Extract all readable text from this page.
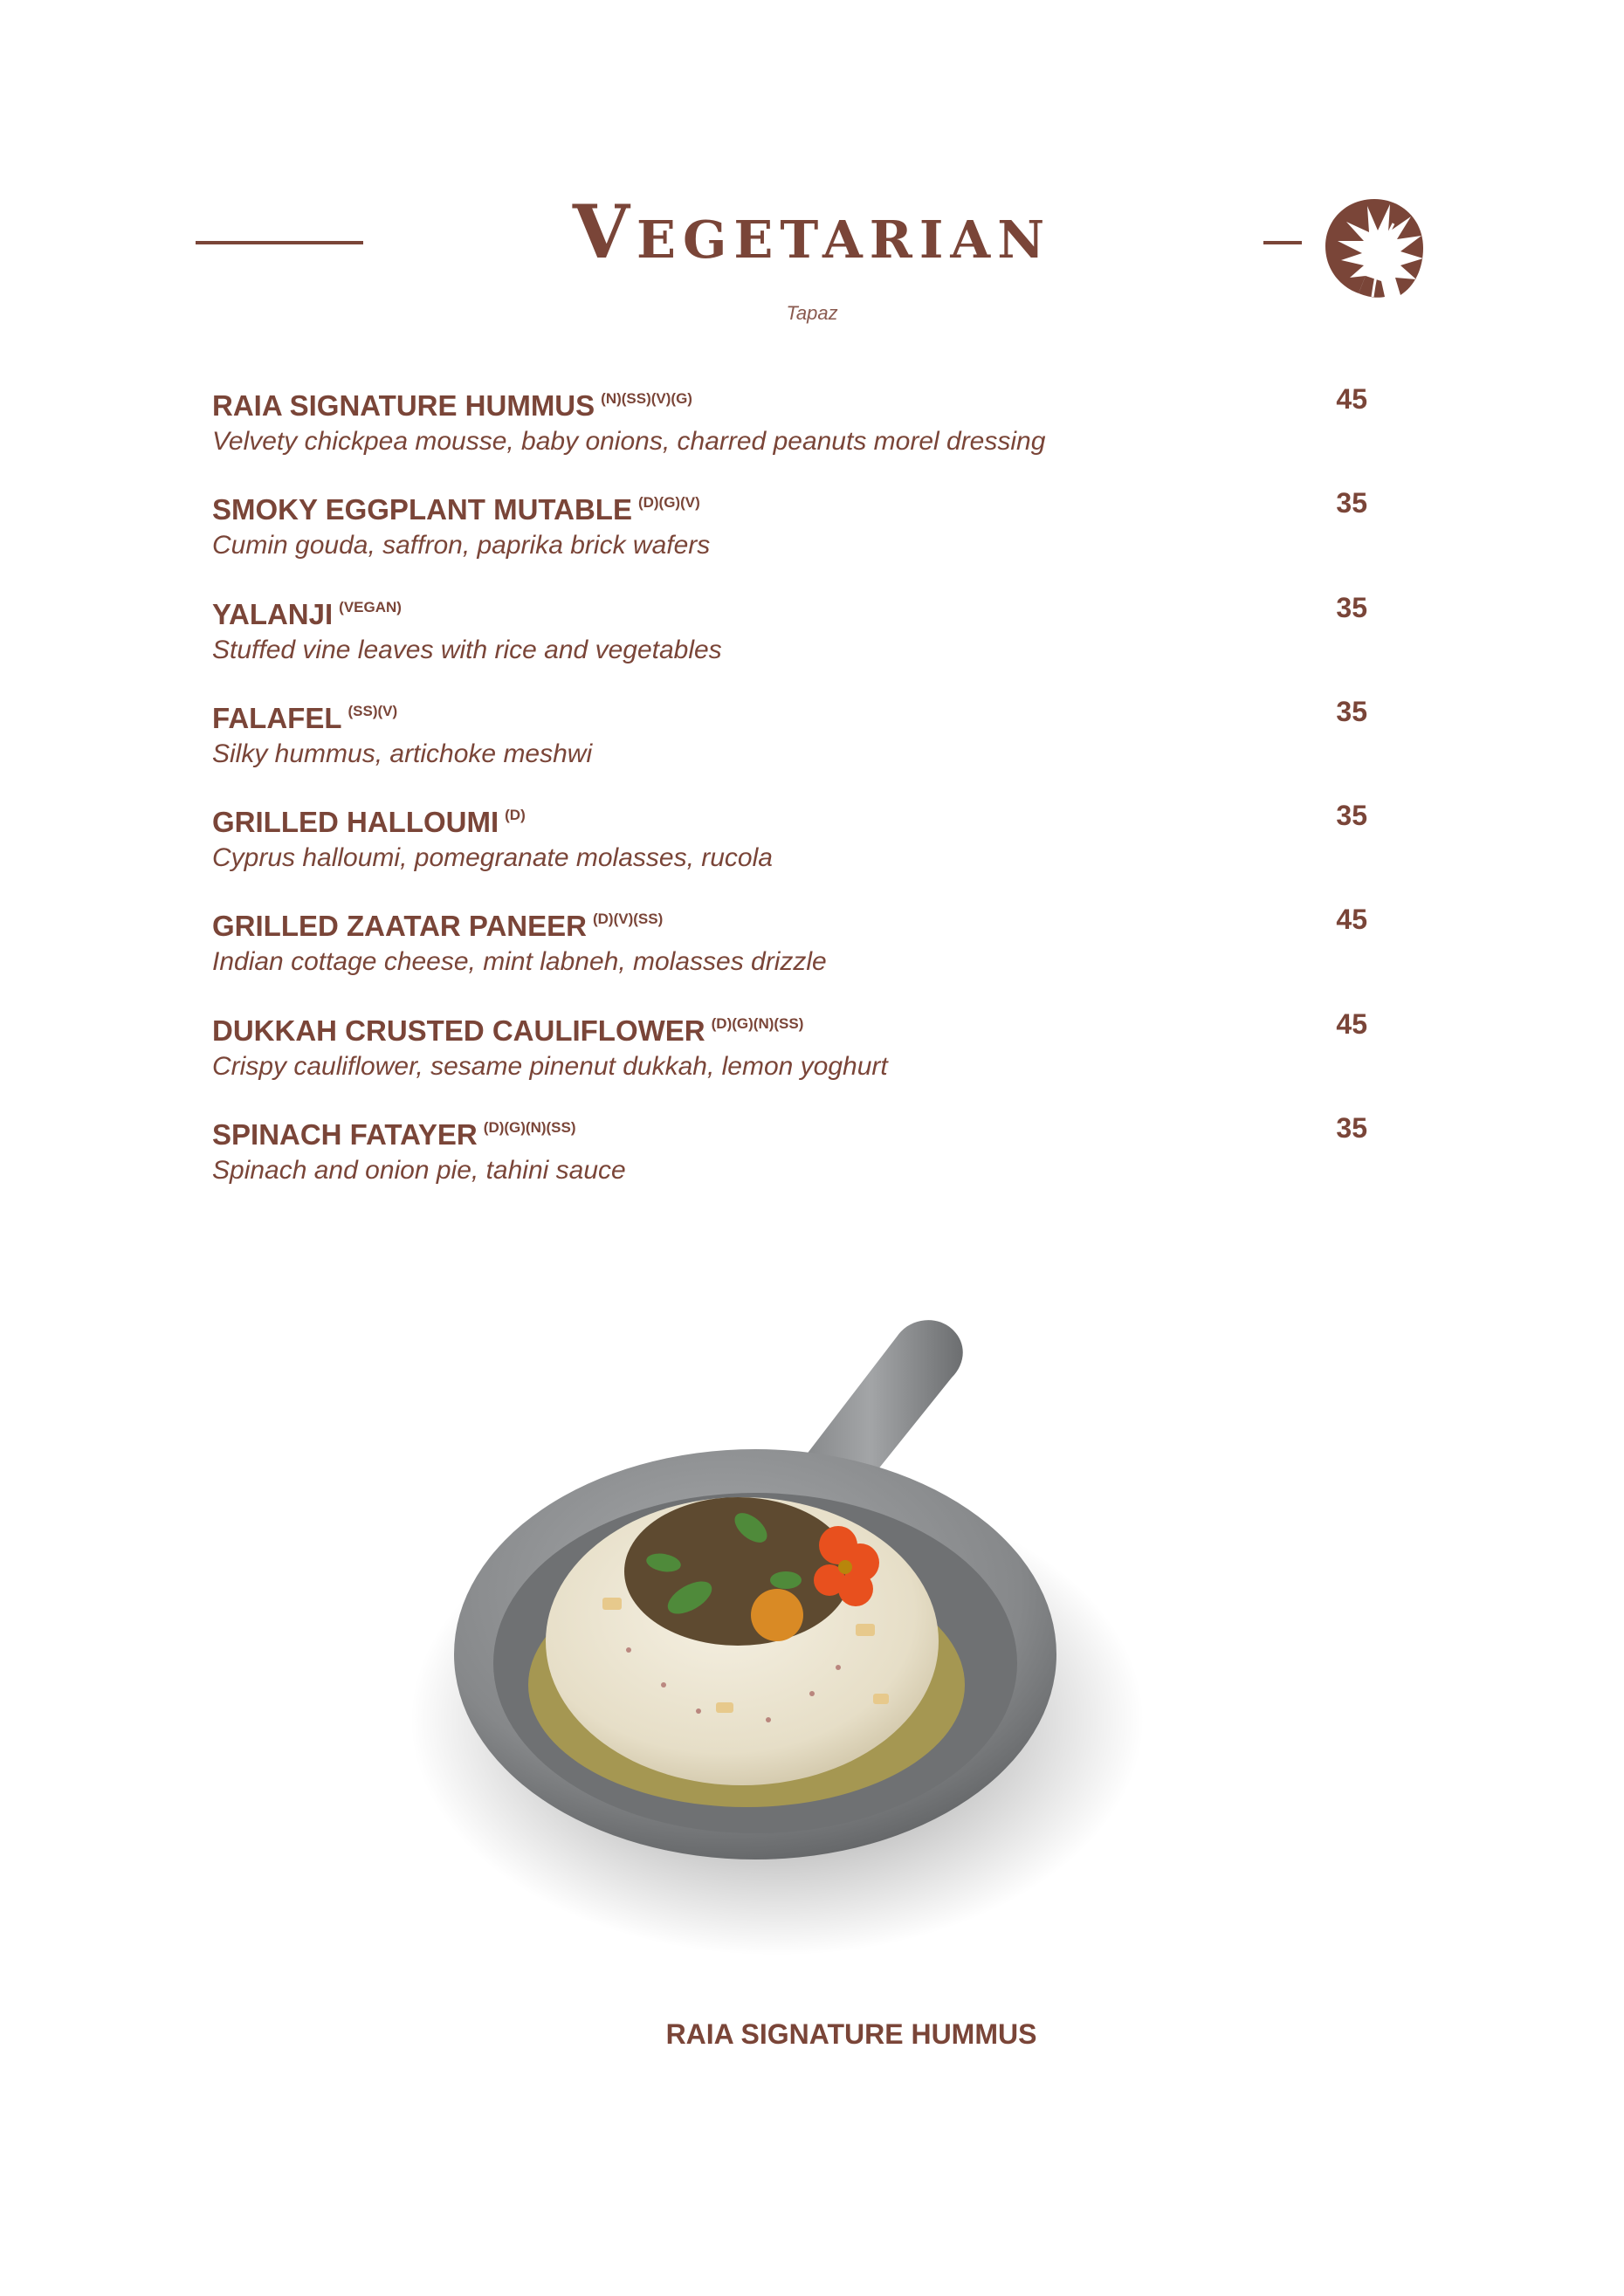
Vegetarian
Tapaz
RAIA SIGNATURE HUMMUS $^{(N)(SS)(V)(G)}$
Velvety chickpea mousse, baby onions, charred peanuts morel dressing
45
SMOKY EGGPLANT MUTABLE $^{(D)(G)(V)}$
Cumin gouda, saffron, paprika brick wafers
35
YALANJI $^{(VEGAN)}$
Stuffed vine leaves with rice and vegetables
35
FALAFEL $^{(SS)(V)}$
Silky hummus, artichoke meshwi
35
GRILLED HALLOUMI $^{(D)}$
Cyprus halloumi, pomegranate molasses, rucola
35
GRILLED ZAATAR PANEER $^{(D)(V)(SS)}$
Indian cottage cheese, mint labneh, molasses drizzle
45
DUKKAH CRUSTED CAULIFLOWER $^{(D)(G)(N)(SS)}$
Crispy cauliflower, sesame pinenut dukkah, lemon yoghurt
45
SPINACH FATAYER $^{(D)(G)(N)(SS)}$
Spinach and onion pie, tahini sauce
35
RAIA SIGNATURE HUMMUS
